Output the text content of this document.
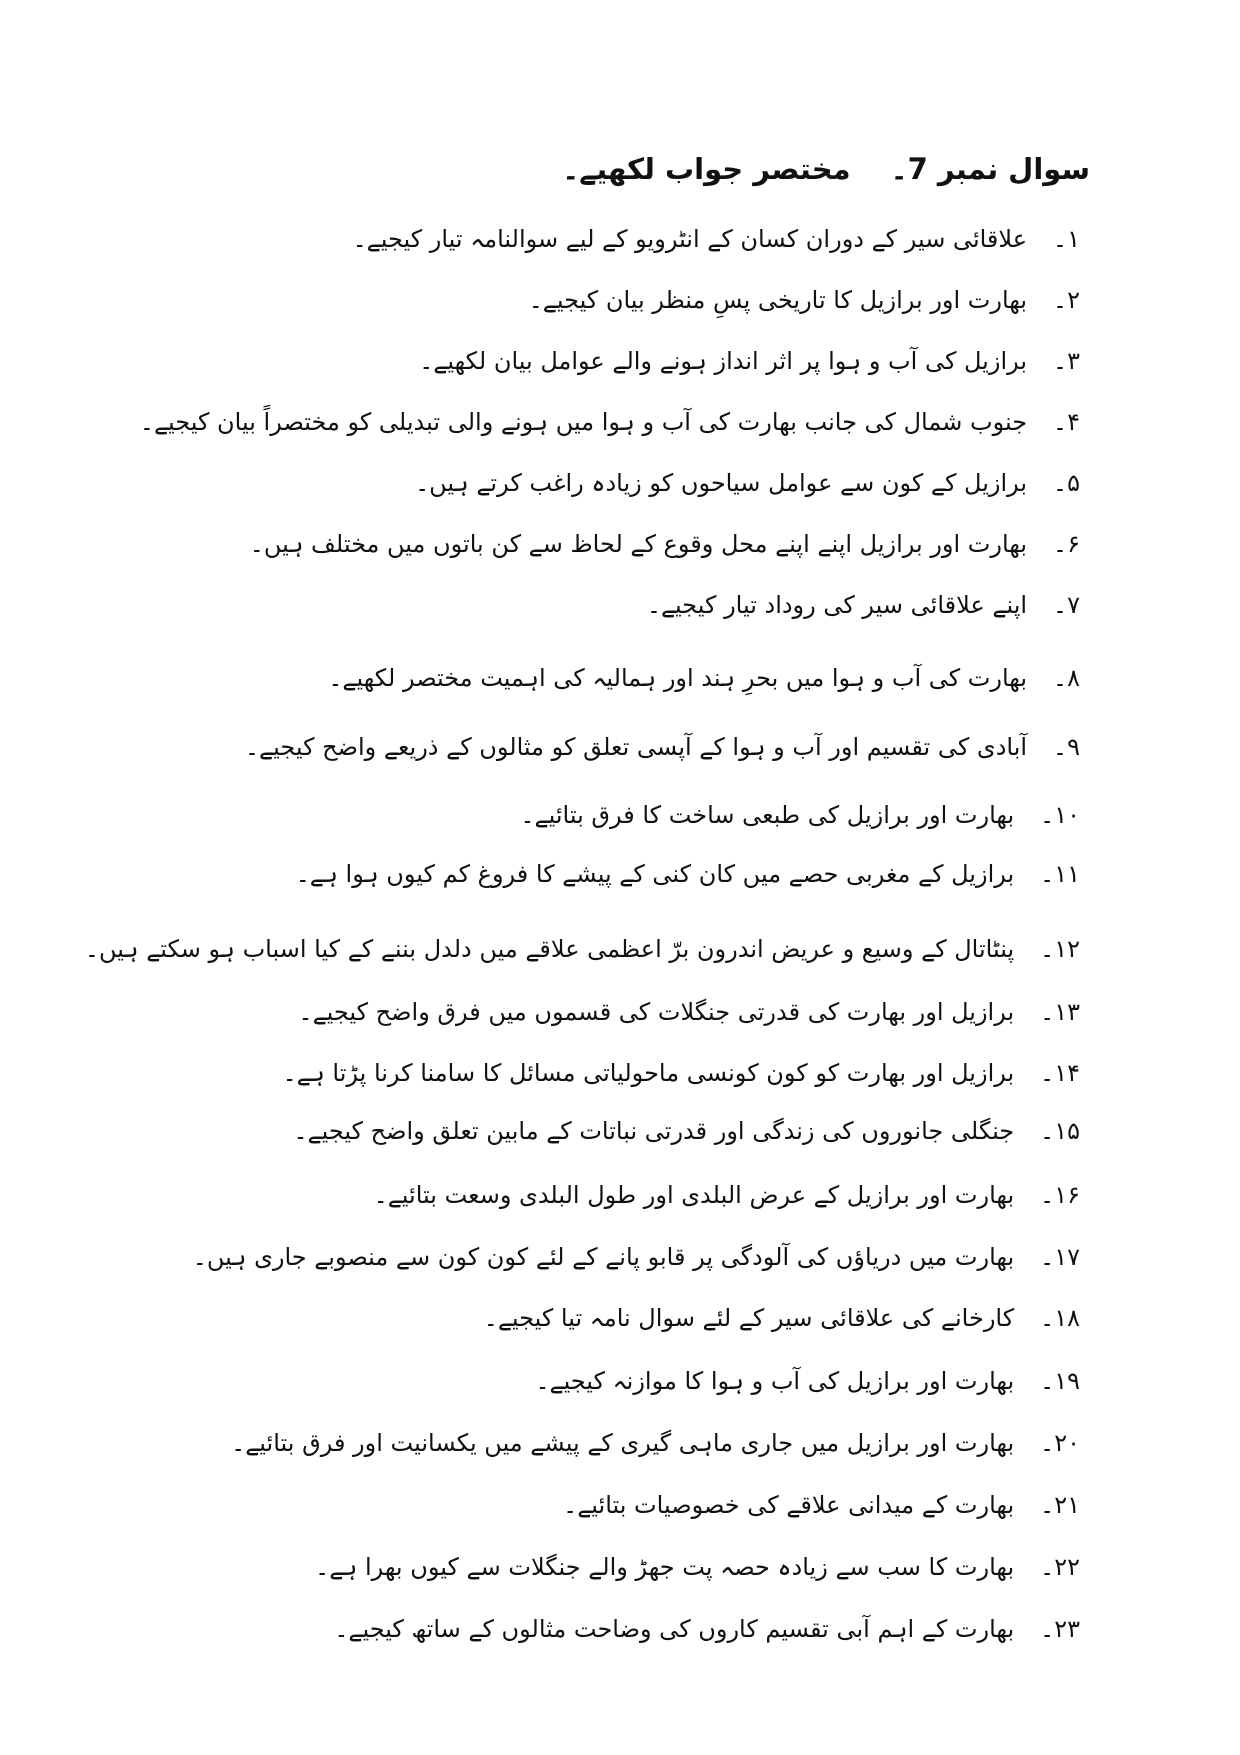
سوال نمبر 7۔مختصر جواب لکھیے۔
۱۔علاقائی سیر کے دوران کسان کے انٹرویو کے لیے سوالنامہ تیار کیجیے۔
۲۔بھارت اور برازیل کا تاریخی پسِ منظر بیان کیجیے۔
۳۔برازیل کی آب و ہوا پر اثر انداز ہونے والے عوامل بیان لکھیے۔
۴۔جنوب شمال کی جانب بھارت کی آب و ہوا میں ہونے والی تبدیلی کو مختصراً بیان کیجیے۔
۵۔برازیل کے کون سے عوامل سیاحوں کو زیادہ راغب کرتے ہیں۔
۶۔بھارت اور برازیل اپنے اپنے محل وقوع کے لحاظ سے کن باتوں میں مختلف ہیں۔
۷۔اپنے علاقائی سیر کی روداد تیار کیجیے۔
۸۔بھارت کی آب و ہوا میں بحرِ ہند اور ہمالیہ کی اہمیت مختصر لکھیے۔
۹۔آبادی کی تقسیم اور آب و ہوا کے آپسی تعلق کو مثالوں کے ذریعے واضح کیجیے۔
۱۰۔بھارت اور برازیل کی طبعی ساخت کا فرق بتائیے۔
۱۱۔برازیل کے مغربی حصے میں کان کنی کے پیشے کا فروغ کم کیوں ہوا ہے۔
۱۲۔پنٹاتال کے وسیع و عریض اندرون برّ اعظمی علاقے میں دلدل بننے کے کیا اسباب ہو سکتے ہیں۔
۱۳۔برازیل اور بھارت کی قدرتی جنگلات کی قسموں میں فرق واضح کیجیے۔
۱۴۔برازیل اور بھارت کو کون کونسی ماحولیاتی مسائل کا سامنا کرنا پڑتا ہے۔
۱۵۔جنگلی جانوروں کی زندگی اور قدرتی نباتات کے مابین تعلق واضح کیجیے۔
۱۶۔بھارت اور برازیل کے عرض البلدی اور طول البلدی وسعت بتائیے۔
۱۷۔بھارت میں دریاؤں کی آلودگی پر قابو پانے کے لئے کون کون سے منصوبے جاری ہیں۔
۱۸۔کارخانے کی علاقائی سیر کے لئے سوال نامہ تیا کیجیے۔
۱۹۔بھارت اور برازیل کی آب و ہوا کا موازنہ کیجیے۔
۲۰۔بھارت اور برازیل میں جاری ماہی گیری کے پیشے میں یکسانیت اور فرق بتائیے۔
۲۱۔بھارت کے میدانی علاقے کی خصوصیات بتائیے۔
۲۲۔بھارت کا سب سے زیادہ حصہ پت جھڑ والے جنگلات سے کیوں بھرا ہے۔
۲۳۔بھارت کے اہم آبی تقسیم کاروں کی وضاحت مثالوں کے ساتھ کیجیے۔
